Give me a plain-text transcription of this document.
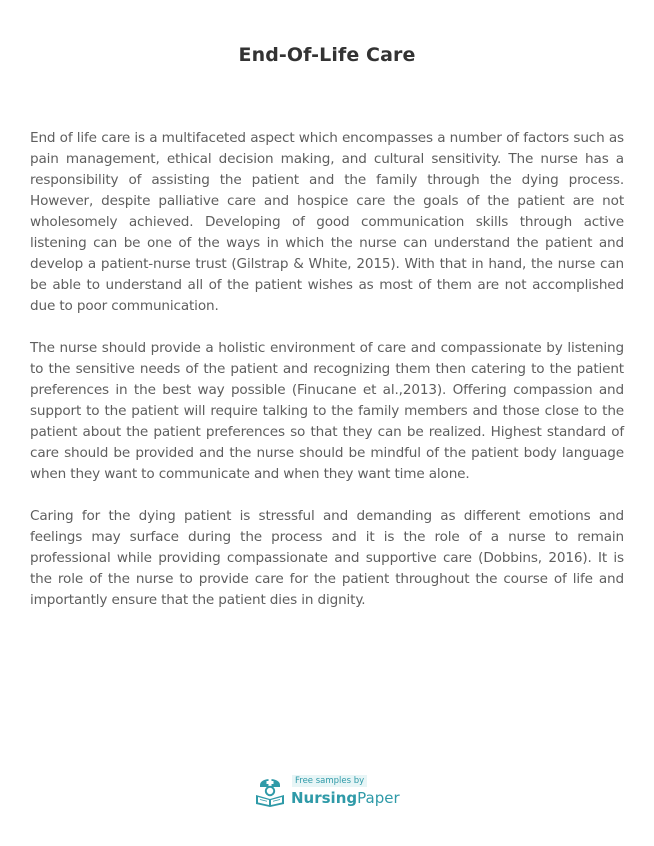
End-Of-Life Care

End of life care is a multifaceted aspect which encompasses a number of factors such as pain management, ethical decision making, and cultural sensitivity. The nurse has a responsibility of assisting the patient and the family through the dying process. However, despite palliative care and hospice care the goals of the patient are not wholesomely achieved. Developing of good communication skills through active listening can be one of the ways in which the nurse can understand the patient and develop a patient-nurse trust (Gilstrap & White, 2015). With that in hand, the nurse can be able to understand all of the patient wishes as most of them are not accomplished due to poor communication.

The nurse should provide a holistic environment of care and compassionate by listening to the sensitive needs of the patient and recognizing them then catering to the patient preferences in the best way possible (Finucane et al.,2013). Offering compassion and support to the patient will require talking to the family members and those close to the patient about the patient preferences so that they can be realized. Highest standard of care should be provided and the nurse should be mindful of the patient body language when they want to communicate and when they want time alone.

Caring for the dying patient is stressful and demanding as different emotions and feelings may surface during the process and it is the role of a nurse to remain professional while providing compassionate and supportive care (Dobbins, 2016). It is the role of the nurse to provide care for the patient throughout the course of life and importantly ensure that the patient dies in dignity.

Free samples by
NursingPaper
